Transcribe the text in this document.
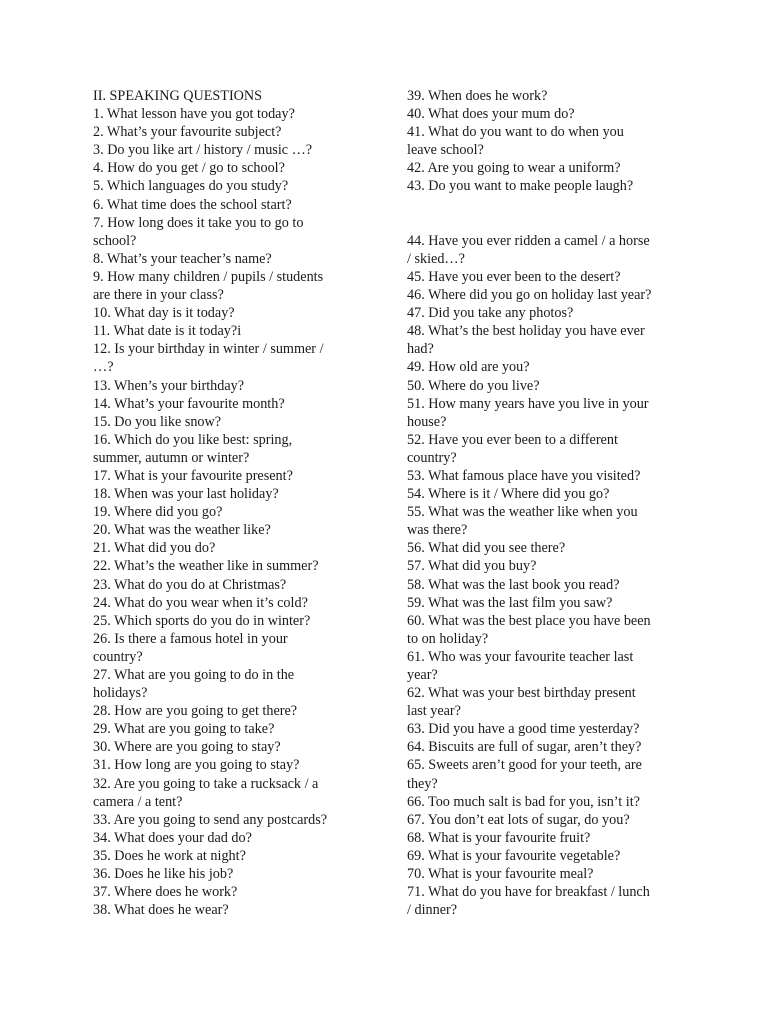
II. SPEAKING QUESTIONS
1. What lesson have you got today?
2. What’s your favourite subject?
3. Do you like art / history / music …?
4. How do you get / go to school?
5. Which languages do you study?
6. What time does the school start?
7. How long does it take you to go to
school?
8. What’s your teacher’s name?
9. How many children / pupils / students
are there in your class?
10. What day is it today?
11. What date is it today?i
12. Is your birthday in winter / summer /
…?
13. When’s your birthday?
14. What’s your favourite month?
15. Do you like snow?
16. Which do you like best: spring,
summer, autumn or winter?
17. What is your favourite present?
18. When was your last holiday?
19. Where did you go?
20. What was the weather like?
21. What did you do?
22. What’s the weather like in summer?
23. What do you do at Christmas?
24. What do you wear when it’s cold?
25. Which sports do you do in winter?
26. Is there a famous hotel in your
country?
27. What are you going to do in the
holidays?
28. How are you going to get there?
29. What are you going to take?
30. Where are you going to stay?
31. How long are you going to stay?
32. Are you going to take a rucksack / a
camera / a tent?
33. Are you going to send any postcards?
34. What does your dad do?
35. Does he work at night?
36. Does he like his job?
37. Where does he work?
38. What does he wear?
39. When does he work?
40. What does your mum do?
41. What do you want to do when you
leave school?
42. Are you going to wear a uniform?
43. Do you want to make people laugh?
44. Have you ever ridden a camel / a horse
/ skied…?
45. Have you ever been to the desert?
46. Where did you go on holiday last year?
47. Did you take any photos?
48. What’s the best holiday you have ever
had?
49. How old are you?
50. Where do you live?
51. How many years have you live in your
house?
52. Have you ever been to a different
country?
53. What famous place have you visited?
54. Where is it / Where did you go?
55. What was the weather like when you
was there?
56. What did you see there?
57. What did you buy?
58. What was the last book you read?
59. What was the last film you saw?
60. What was the best place you have been
to on holiday?
61. Who was your favourite teacher last
year?
62. What was your best birthday present
last year?
63. Did you have a good time yesterday?
64. Biscuits are full of sugar, aren’t they?
65. Sweets aren’t good for your teeth, are
they?
66. Too much salt is bad for you, isn’t it?
67. You don’t eat lots of sugar, do you?
68. What is your favourite fruit?
69. What is your favourite vegetable?
70. What is your favourite meal?
71. What do you have for breakfast / lunch
/ dinner?
